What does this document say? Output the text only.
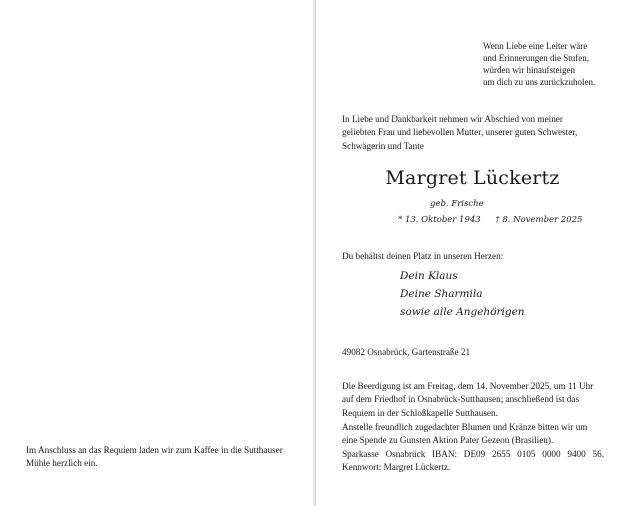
Wenn Liebe eine Leiter wäre
und Erinnerungen die Stufen,
würden wir hinaufsteigen
um dich zu uns zurückzuholen.
In Liebe und Dankbarkeit nehmen wir Abschied von meiner
geliebten Frau und liebevollen Mutter, unserer guten Schwester,
Schwägerin und Tante
Margret Lückertz
geb. Frische
* 13. Oktober 1943 † 8. November 2025
Du behältst deinen Platz in unseren Herzen:
Dein Klaus
Deine Sharmila
sowie alle Angehörigen
49082 Osnabrück, Gartenstraße 21
Die Beerdigung ist am Freitag, dem 14. November 2025, um 11 Uhr
auf dem Friedhof in Osnabrück-Sutthausen; anschließend ist das
Requiem in der Schloßkapelle Sutthausen.
Anstelle freundlich zugedachter Blumen und Kränze bitten wir um
eine Spende zu Gunsten Aktion Pater Gezeon (Brasilien).
Sparkasse Osnabrück IBAN: DE09 2655 0105 0000 9400 56.
Kennwort: Margret Lückertz.
Im Anschluss an das Requiem laden wir zum Kaffee in die Sutthauser
Mühle herzlich ein.
